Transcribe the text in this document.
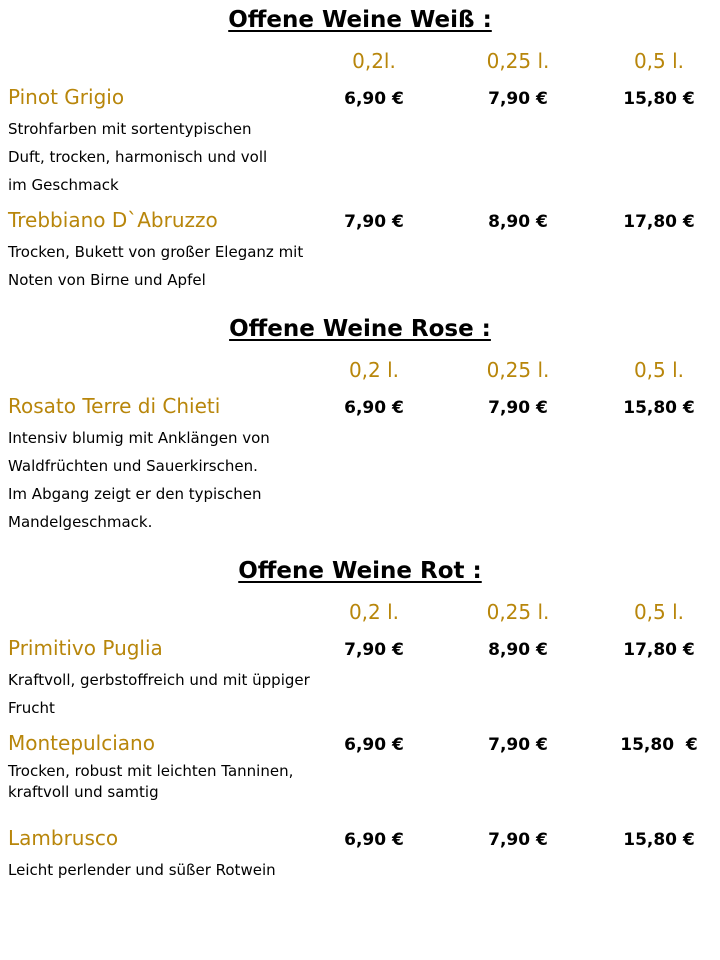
Offene Weine Weiß :
0,2l.	0,25 l.	0,5 l.
Pinot Grigio	6,90 €	7,90 €	15,80 €
Strohfarben mit sortentypischen
Duft, trocken, harmonisch und voll
im Geschmack
Trebbiano D`Abruzzo	7,90 €	8,90 €	17,80 €
Trocken, Bukett von großer Eleganz mit
Noten von Birne und Apfel
Offene Weine Rose :
0,2 l.	0,25 l.	0,5 l.
Rosato Terre di Chieti	6,90 €	7,90 €	15,80 €
Intensiv blumig mit Anklängen von
Waldfrüchten und Sauerkirschen.
Im Abgang zeigt er den typischen
Mandelgeschmack.
Offene Weine Rot :
0,2 l.	0,25 l.	0,5 l.
Primitivo Puglia	7,90 €	8,90 €	17,80 €
Kraftvoll, gerbstoffreich und mit üppiger
Frucht
Montepulciano	6,90 €	7,90 €	15,80  €
Trocken, robust mit leichten Tanninen,
kraftvoll und samtig
Lambrusco	6,90 €	7,90 €	15,80 €
Leicht perlender und süßer Rotwein
